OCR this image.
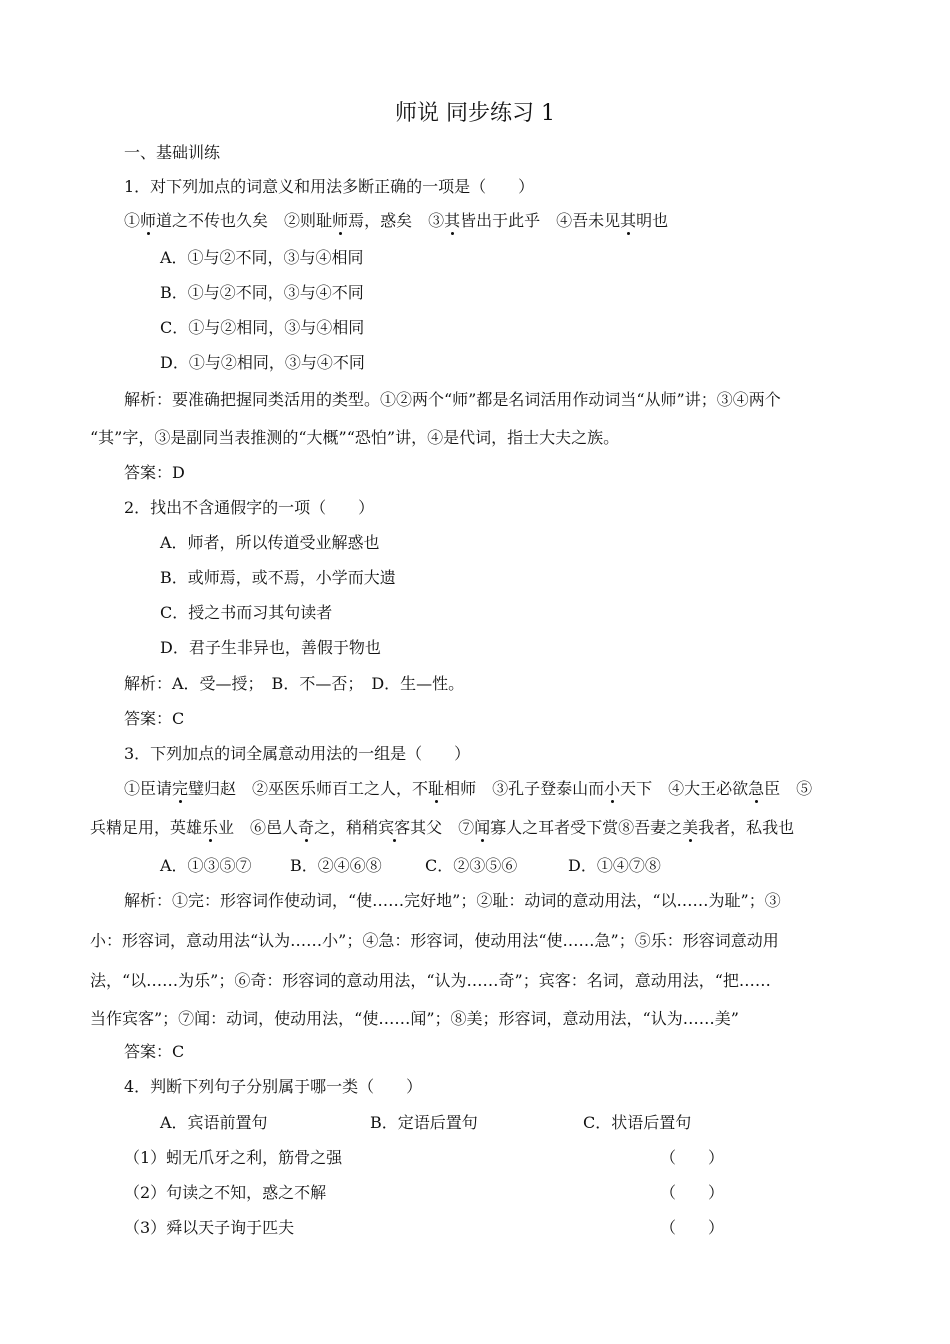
师说 同步练习 1
一、基础训练
1．对下列加点的词意义和用法多断正确的一项是（　　）
①师道之不传也久矣　②则耻师焉，惑矣　③其皆出于此乎　④吾未见其明也
A．①与②不同，③与④相同
B．①与②不同，③与④不同
C．①与②相同，③与④相同
D．①与②相同，③与④不同
解析：要准确把握同类活用的类型。①②两个“师”都是名词活用作动词当“从师”讲；③④两个
“其”字，③是副同当表推测的“大概”“恐怕”讲，④是代词，指士大夫之族。
答案：D
2．找出不含通假字的一项（　　）
A．师者，所以传道受业解惑也
B．或师焉，或不焉，小学而大遗
C．授之书而习其句读者
D．君子生非异也，善假于物也
解析：A．受—授；　B．不—否；　D．生—性。
答案：C
3．下列加点的词全属意动用法的一组是（　　）
①臣请完璧归赵　②巫医乐师百工之人，不耻相师　③孔子登泰山而小天下　④大王必欲急臣　⑤
兵精足用，英雄乐业　⑥邑人奇之，稍稍宾客其父　⑦闻寡人之耳者受下赏⑧吾妻之美我者，私我也
A．①③⑤⑦ B．②④⑥⑧	C．②③⑤⑥	D．①④⑦⑧
解析：①完：形容词作使动词，“使……完好地”；②耻：动词的意动用法，“以……为耻”；③
小：形容词，意动用法“认为……小”；④急：形容词，使动用法“使……急”；⑤乐：形容词意动用
法，“以……为乐”；⑥奇：形容词的意动用法，“认为……奇”；宾客：名词，意动用法，“把……
当作宾客”；⑦闻：动词，使动用法，“使……闻”；⑧美；形容词，意动用法，“认为……美”
答案：C
4．判断下列句子分别属于哪一类（　　）
A．宾语前置句	B．定语后置句	C．状语后置句
（1）蚓无爪牙之利，筋骨之强	（　　）
（2）句读之不知，惑之不解	（　　）
（3）舜以天子询于匹夫	（　　）
